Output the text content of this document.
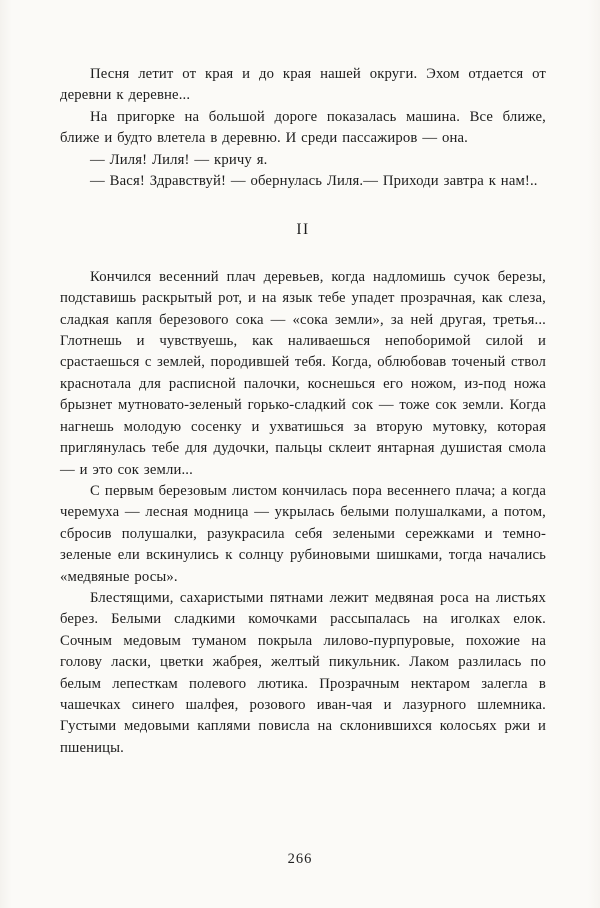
Песня летит от края и до края нашей округи. Эхом отдается от деревни к деревне...

На пригорке на большой дороге показалась машина. Все ближе, ближе и будто влетела в деревню. И среди пассажиров — она.

— Лиля! Лиля! — кричу я.

— Вася! Здравствуй! — обернулась Лиля.— Приходи завтра к нам!..

II

Кончился весенний плач деревьев, когда надломишь сучок березы, подставишь раскрытый рот, и на язык тебе упадет прозрачная, как слеза, сладкая капля березового сока — «сока земли», за ней другая, третья... Глотнешь и чувствуешь, как наливаешься непоборимой силой и срастаешься с землей, породившей тебя. Когда, облюбовав точеный ствол краснотала для расписной палочки, коснешься его ножом, из-под ножа брызнет мутновато-зеленый горько-сладкий сок — тоже сок земли. Когда нагнешь молодую сосенку и ухватишься за вторую мутовку, которая приглянулась тебе для дудочки, пальцы склеит янтарная душистая смола — и это сок земли...

С первым березовым листом кончилась пора весеннего плача; а когда черемуха — лесная модница — укрылась белыми полушалками, а потом, сбросив полушалки, разукрасила себя зелеными сережками и темно-зеленые ели вскинулись к солнцу рубиновыми шишками, тогда начались «медвяные росы».

Блестящими, сахаристыми пятнами лежит медвяная роса на листьях берез. Белыми сладкими комочками рассыпалась на иголках елок. Сочным медовым туманом покрыла лилово-пурпуровые, похожие на голову ласки, цветки жабрея, желтый пикульник. Лаком разлилась по белым лепесткам полевого лютика. Прозрачным нектаром залегла в чашечках синего шалфея, розового иван-чая и лазурного шлемника. Густыми медовыми каплями повисла на склонившихся колосьях ржи и пшеницы.

266
